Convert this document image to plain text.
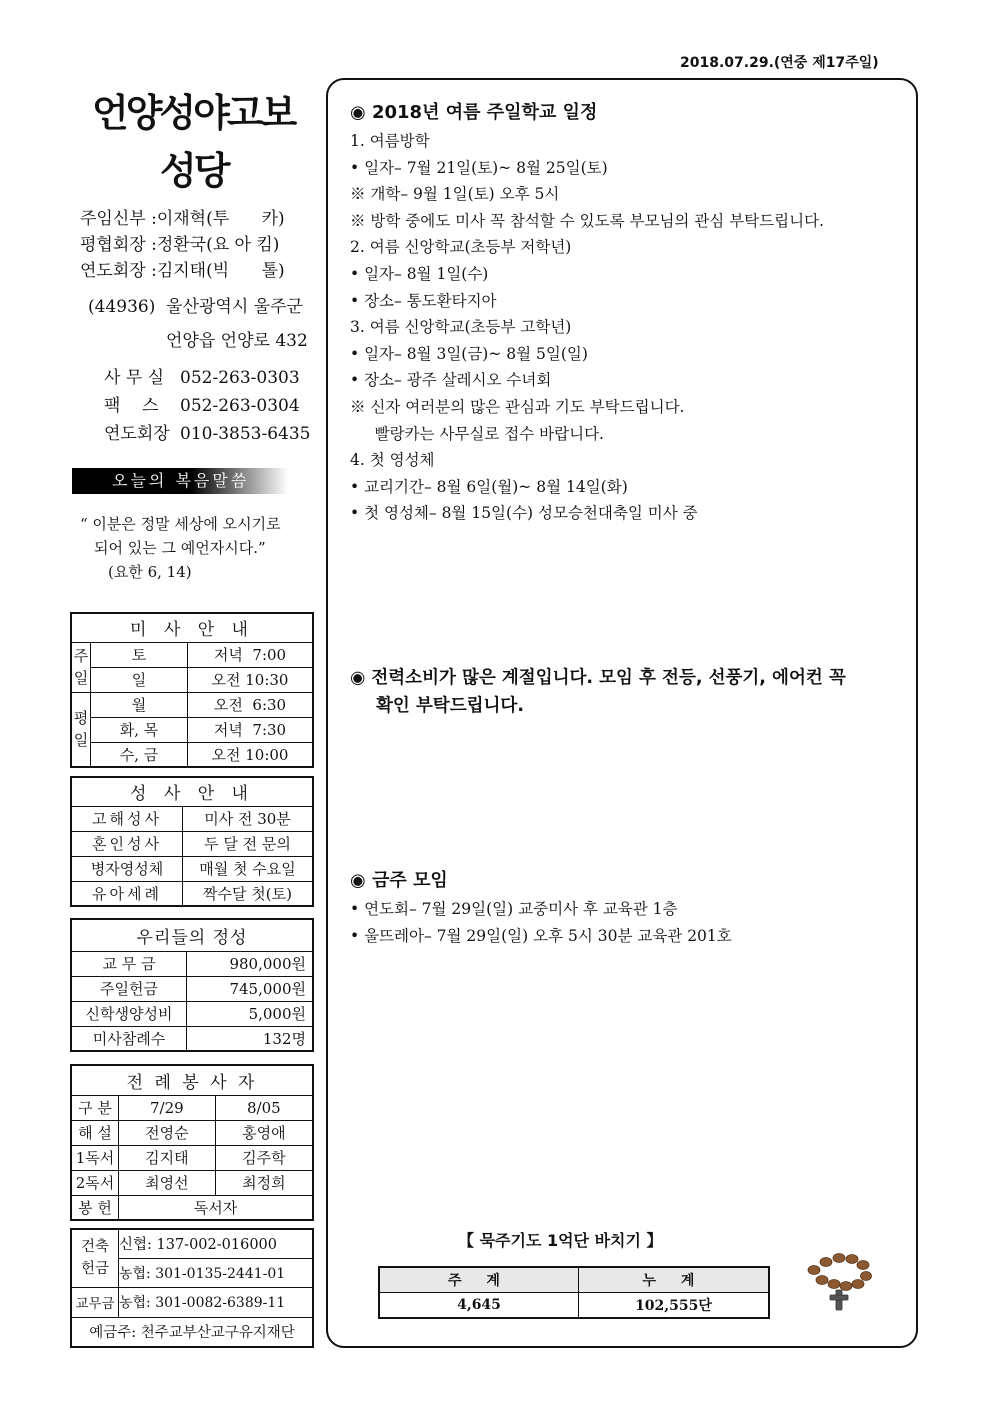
2018.07.29.(연중 제17주일)
언양성야고보
성당
주임신부 :이재혁(투      카)
평협회장 :정환국(요 아 킴)
연도회장 :김지태(빅      톨)
(44936)  울산광역시 울주군
언양읍 언양로 432
사 무 실 052-263-0303
팩    스 052-263-0304
연도회장 010-3853-6435
오늘의 복음말씀
“ 이분은 정말 세상에 오시기로
되어 있는 그 예언자시다.”
(요한 6, 14)
미 사 안 내		
주일	토	저녁  7:00
	일	오전 10:30
평일	월	오전  6:30
	화, 목	저녁  7:30
	수, 금	오전 10:00
성 사 안 내	
고해성사	미사 전 30분
혼인성사	두 달 전 문의
병자영성체	매월 첫 수요일
유아세례	짝수달 첫(토)
우리들의 정성	
교 무 금	980,000원
주일헌금	745,000원
신학생양성비	5,000원
미사참례수	132명
전 례 봉 사 자		
구 분	7/29	8/05
해 설	전영순	홍영애
1독서	김지태	김주학
2독서	최영선	최정희
봉 헌	독서자	
건축
헌금	신협: 137-002-016000
	농협: 301-0135-2441-01
교무금	농협: 301-0082-6389-11
예금주: 천주교부산교구유지재단	
◉ 2018년 여름 주일학교 일정
1. 여름방학
• 일자– 7월 21일(토)~ 8월 25일(토)
※ 개학– 9월 1일(토) 오후 5시
※ 방학 중에도 미사 꼭 참석할 수 있도록 부모님의 관심 부탁드립니다.
2. 여름 신앙학교(초등부 저학년)
• 일자– 8월 1일(수)
• 장소– 통도환타지아
3. 여름 신앙학교(초등부 고학년)
• 일자– 8월 3일(금)~ 8월 5일(일)
• 장소– 광주 살레시오 수녀회
※ 신자 여러분의 많은 관심과 기도 부탁드립니다.
빨랑카는 사무실로 접수 바랍니다.
4. 첫 영성체
• 교리기간– 8월 6일(월)~ 8월 14일(화)
• 첫 영성체– 8월 15일(수) 성모승천대축일 미사 중
◉ 전력소비가 많은 계절입니다. 모임 후 전등, 선풍기, 에어컨 꼭
확인 부탁드립니다.
◉ 금주 모임
• 연도회– 7월 29일(일) 교중미사 후 교육관 1층
• 울뜨레아– 7월 29일(일) 오후 5시 30분 교육관 201호
【 묵주기도 1억단 바치기 】
주 계	누 계
4,645	102,555단
